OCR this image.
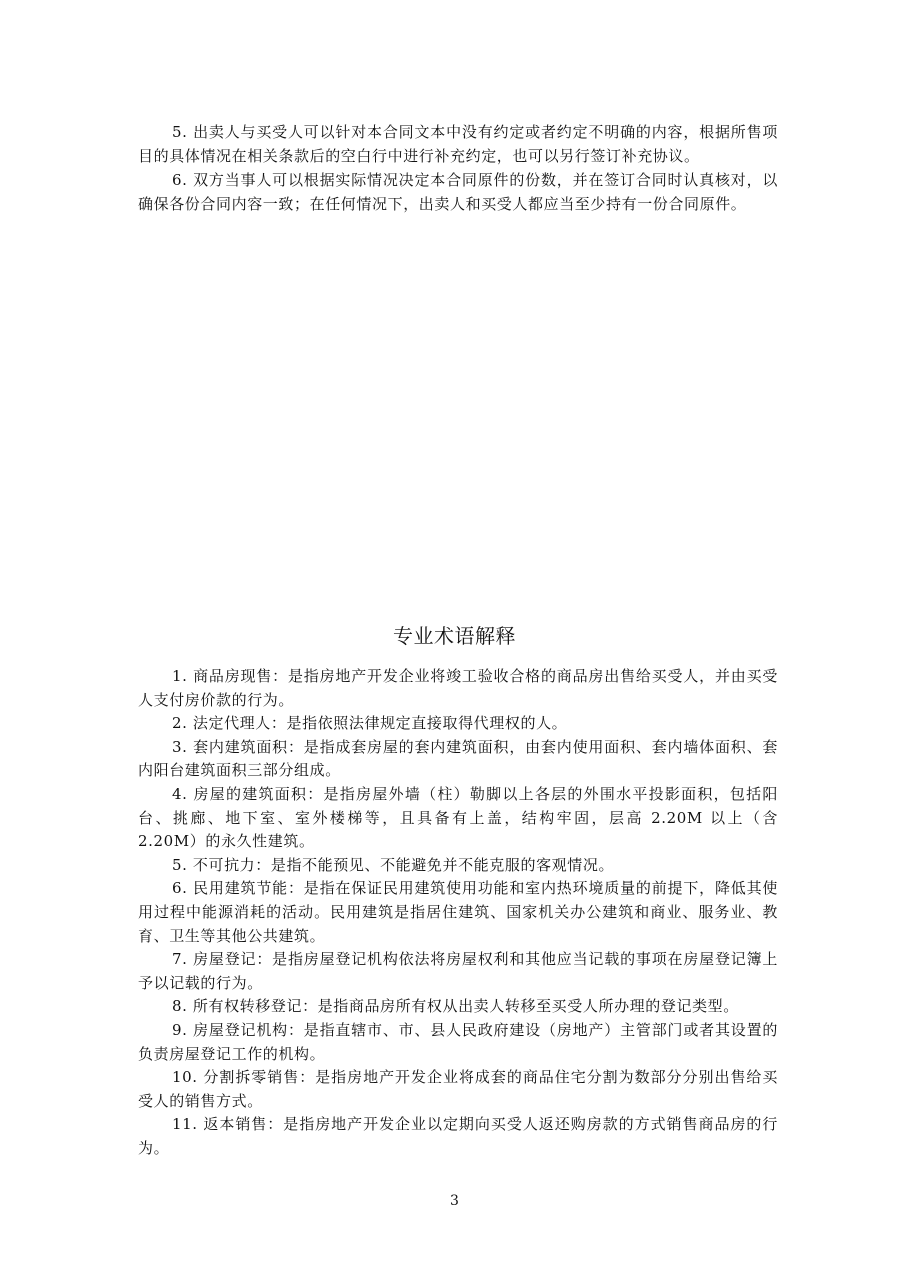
5. 出卖人与买受人可以针对本合同文本中没有约定或者约定不明确的内容，根据所售项目的具体情况在相关条款后的空白行中进行补充约定，也可以另行签订补充协议。

6. 双方当事人可以根据实际情况决定本合同原件的份数，并在签订合同时认真核对，以确保各份合同内容一致；在任何情况下，出卖人和买受人都应当至少持有一份合同原件。

专业术语解释

1. 商品房现售：是指房地产开发企业将竣工验收合格的商品房出售给买受人，并由买受人支付房价款的行为。

2. 法定代理人：是指依照法律规定直接取得代理权的人。

3. 套内建筑面积：是指成套房屋的套内建筑面积，由套内使用面积、套内墙体面积、套内阳台建筑面积三部分组成。

4. 房屋的建筑面积：是指房屋外墙（柱）勒脚以上各层的外围水平投影面积，包括阳台、挑廊、地下室、室外楼梯等，且具备有上盖，结构牢固，层高 2.20M 以上（含 2.20M）的永久性建筑。

5. 不可抗力：是指不能预见、不能避免并不能克服的客观情况。

6. 民用建筑节能：是指在保证民用建筑使用功能和室内热环境质量的前提下，降低其使用过程中能源消耗的活动。民用建筑是指居住建筑、国家机关办公建筑和商业、服务业、教育、卫生等其他公共建筑。

7. 房屋登记：是指房屋登记机构依法将房屋权利和其他应当记载的事项在房屋登记簿上予以记载的行为。

8. 所有权转移登记：是指商品房所有权从出卖人转移至买受人所办理的登记类型。

9. 房屋登记机构：是指直辖市、市、县人民政府建设（房地产）主管部门或者其设置的负责房屋登记工作的机构。

10. 分割拆零销售：是指房地产开发企业将成套的商品住宅分割为数部分分别出售给买受人的销售方式。

11. 返本销售：是指房地产开发企业以定期向买受人返还购房款的方式销售商品房的行为。

3
